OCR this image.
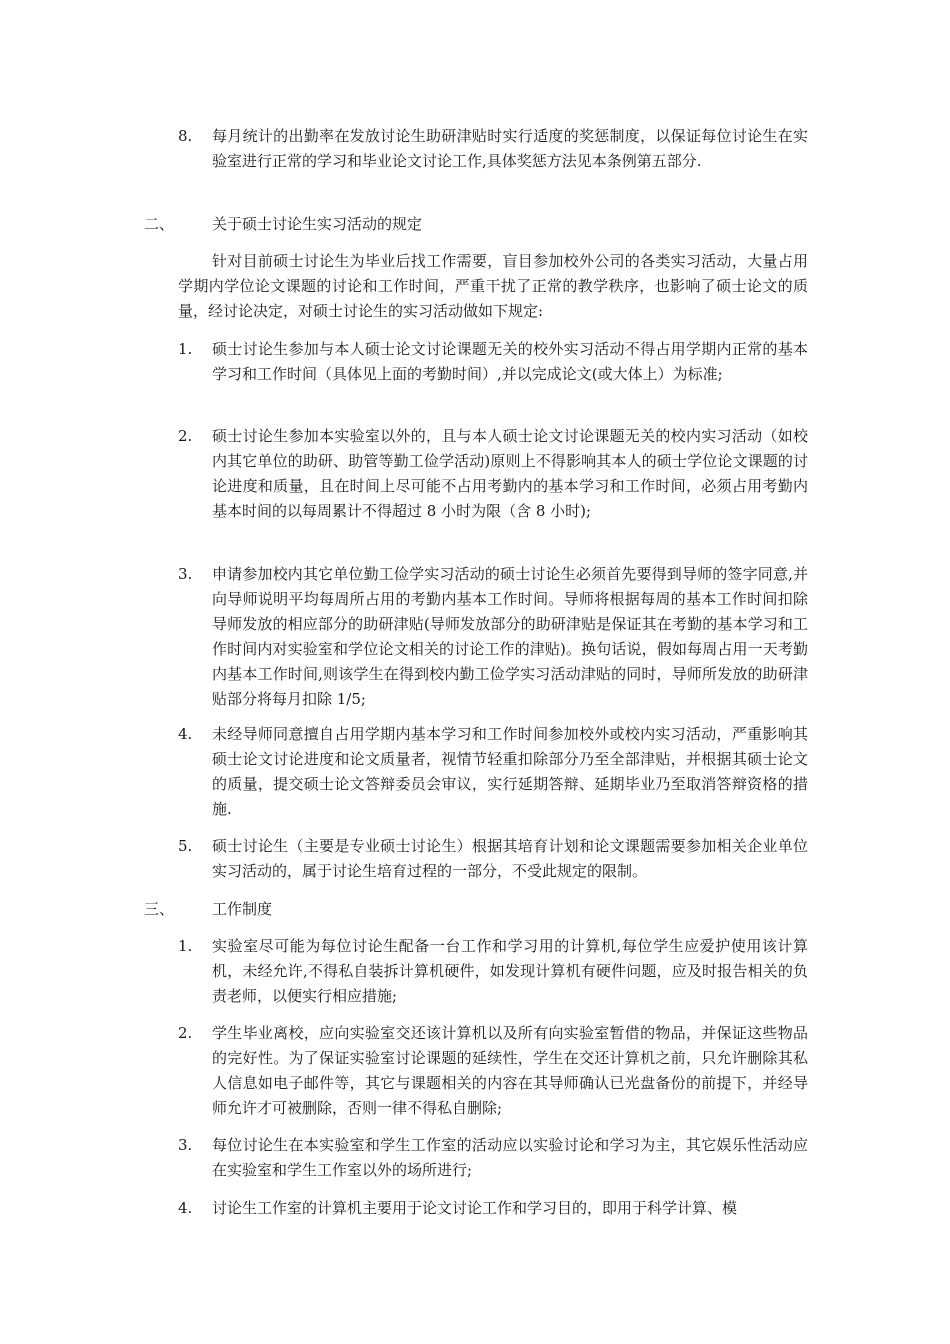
8. 每月统计的出勤率在发放讨论生助研津贴时实行适度的奖惩制度，以保证每位讨论生在实验室进行正常的学习和毕业论文讨论工作,具体奖惩方法见本条例第五部分.
二、	关于硕士讨论生实习活动的规定
针对目前硕士讨论生为毕业后找工作需要，盲目参加校外公司的各类实习活动，大量占用学期内学位论文课题的讨论和工作时间，严重干扰了正常的教学秩序，也影响了硕士论文的质量，经讨论决定，对硕士讨论生的实习活动做如下规定:
1. 硕士讨论生参加与本人硕士论文讨论课题无关的校外实习活动不得占用学期内正常的基本学习和工作时间（具体见上面的考勤时间）,并以完成论文(或大体上）为标准;
2. 硕士讨论生参加本实验室以外的，且与本人硕士论文讨论课题无关的校内实习活动（如校内其它单位的助研、助管等勤工俭学活动)原则上不得影响其本人的硕士学位论文课题的讨论进度和质量，且在时间上尽可能不占用考勤内的基本学习和工作时间，必须占用考勤内基本时间的以每周累计不得超过 8 小时为限（含 8 小时);
3. 申请参加校内其它单位勤工俭学实习活动的硕士讨论生必须首先要得到导师的签字同意,并向导师说明平均每周所占用的考勤内基本工作时间。导师将根据每周的基本工作时间扣除导师发放的相应部分的助研津贴(导师发放部分的助研津贴是保证其在考勤的基本学习和工作时间内对实验室和学位论文相关的讨论工作的津贴)。换句话说，假如每周占用一天考勤内基本工作时间,则该学生在得到校内勤工俭学实习活动津贴的同时，导师所发放的助研津贴部分将每月扣除 1/5;
4. 未经导师同意擅自占用学期内基本学习和工作时间参加校外或校内实习活动，严重影响其硕士论文讨论进度和论文质量者，视情节轻重扣除部分乃至全部津贴，并根据其硕士论文的质量，提交硕士论文答辩委员会审议，实行延期答辩、延期毕业乃至取消答辩资格的措施.
5. 硕士讨论生（主要是专业硕士讨论生）根据其培育计划和论文课题需要参加相关企业单位实习活动的，属于讨论生培育过程的一部分，不受此规定的限制。
三、	工作制度
1. 实验室尽可能为每位讨论生配备一台工作和学习用的计算机,每位学生应爱护使用该计算机，未经允许,不得私自装拆计算机硬件，如发现计算机有硬件问题，应及时报告相关的负责老师，以便实行相应措施;
2. 学生毕业离校，应向实验室交还该计算机以及所有向实验室暂借的物品，并保证这些物品的完好性。为了保证实验室讨论课题的延续性，学生在交还计算机之前，只允许删除其私人信息如电子邮件等，其它与课题相关的内容在其导师确认已光盘备份的前提下，并经导师允许才可被删除，否则一律不得私自删除;
3. 每位讨论生在本实验室和学生工作室的活动应以实验讨论和学习为主，其它娱乐性活动应在实验室和学生工作室以外的场所进行;
4. 讨论生工作室的计算机主要用于论文讨论工作和学习目的，即用于科学计算、模
